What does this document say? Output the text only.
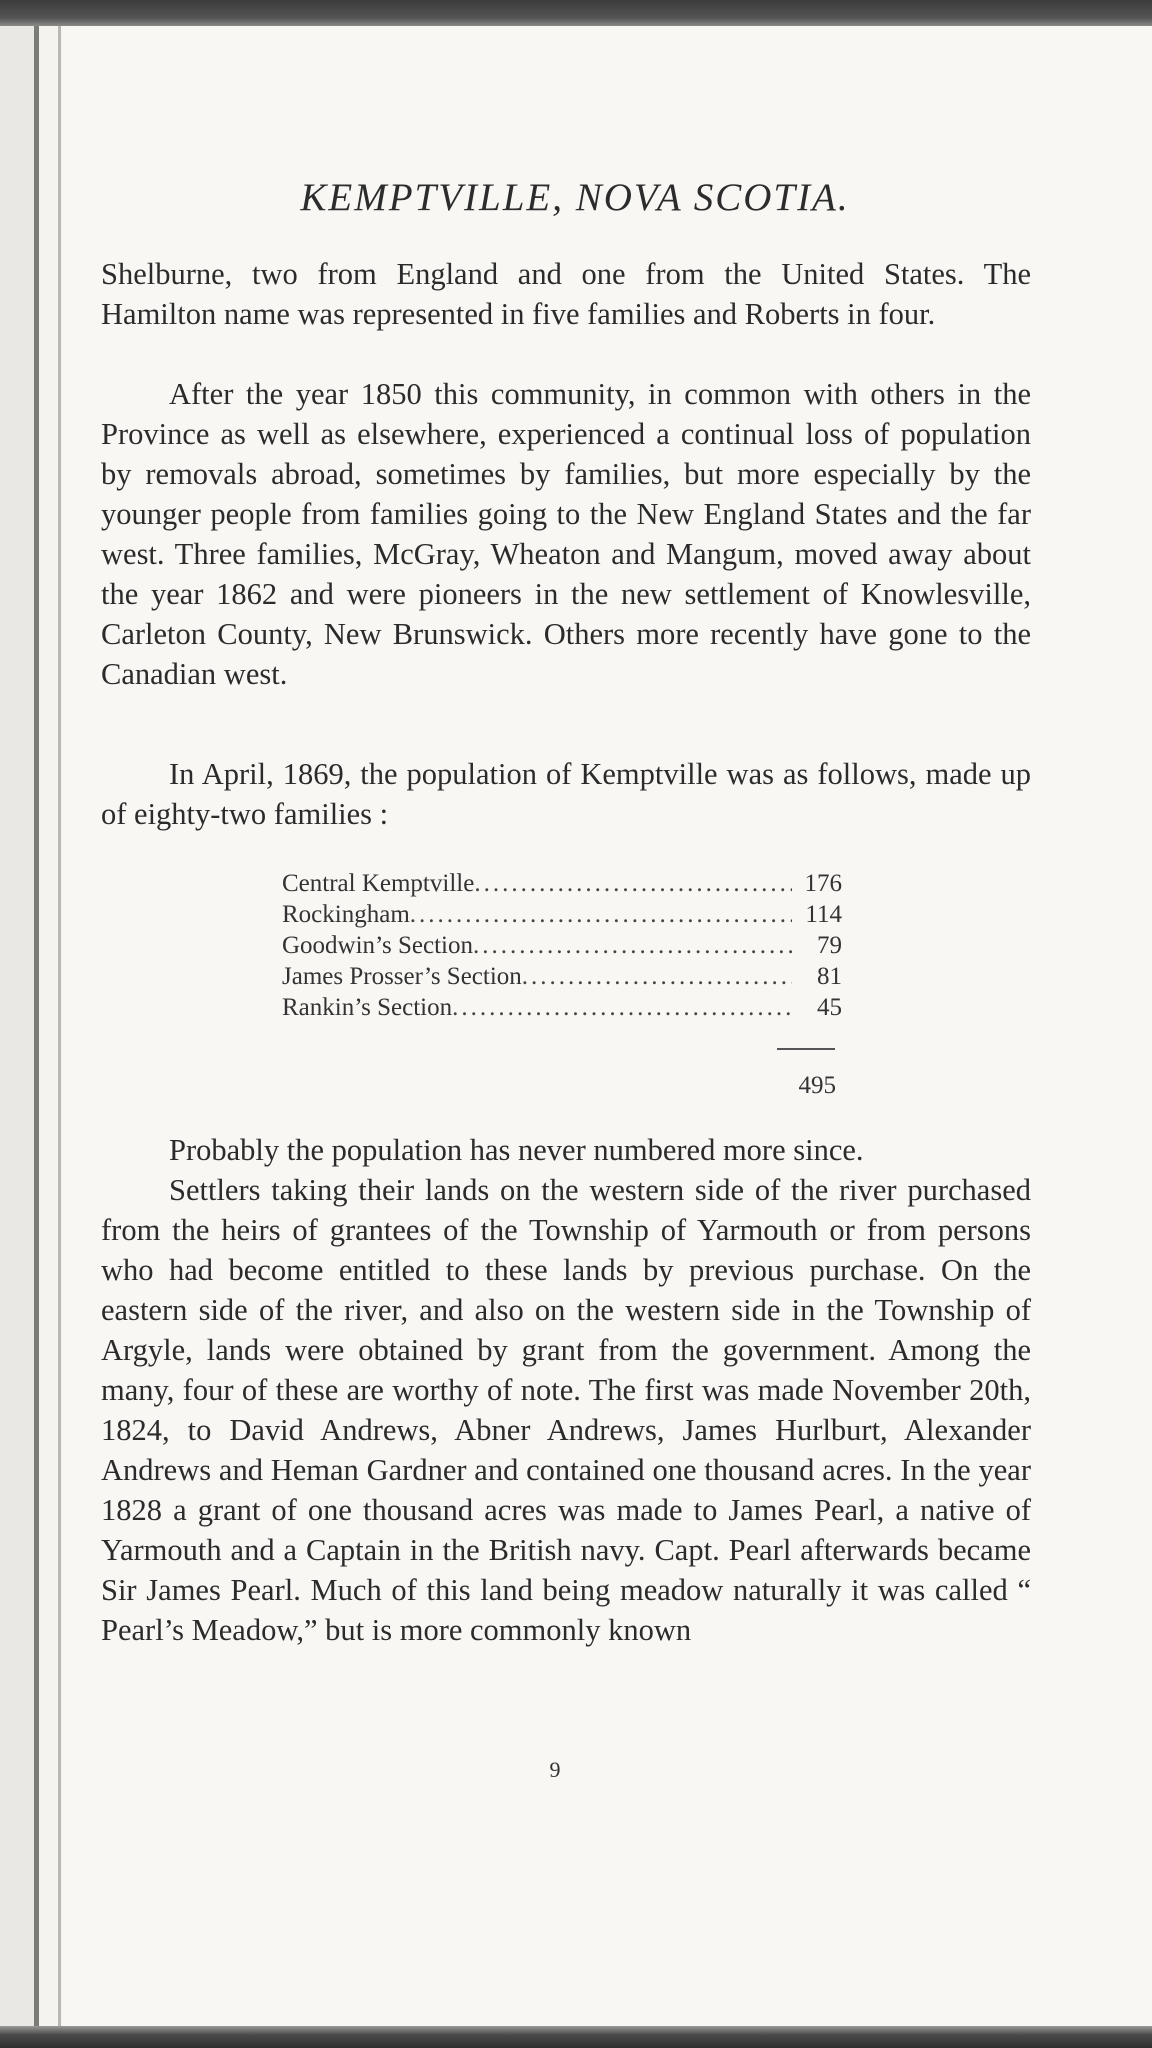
KEMPTVILLE, NOVA SCOTIA.

Shelburne, two from England and one from the United States. The Hamilton name was represented in five families and Roberts in four.

After the year 1850 this community, in common with others in the Province as well as elsewhere, experienced a continual loss of population by removals abroad, sometimes by families, but more especially by the younger people from families going to the New England States and the far west. Three families, McGray, Wheaton and Mangum, moved away about the year 1862 and were pioneers in the new settlement of Knowlesville, Carleton County, New Brunswick. Others more recently have gone to the Canadian west.

In April, 1869, the population of Kemptville was as follows, made up of eighty-two families :

Central Kemptville .....	176
Rockingham .....	114
Goodwin’s Section .....	79
James Prosser’s Section .....	81
Rankin’s Section .....	45
495

Probably the population has never numbered more since.

Settlers taking their lands on the western side of the river purchased from the heirs of grantees of the Township of Yarmouth or from persons who had become entitled to these lands by previous purchase. On the eastern side of the river, and also on the western side in the Township of Argyle, lands were obtained by grant from the government. Among the many, four of these are worthy of note. The first was made November 20th, 1824, to David Andrews, Abner Andrews, James Hurlburt, Alexander Andrews and Heman Gardner and contained one thousand acres. In the year 1828 a grant of one thousand acres was made to James Pearl, a native of Yarmouth and a Captain in the British navy. Capt. Pearl afterwards became Sir James Pearl. Much of this land being meadow naturally it was called “ Pearl’s Meadow,” but is more commonly known

9
